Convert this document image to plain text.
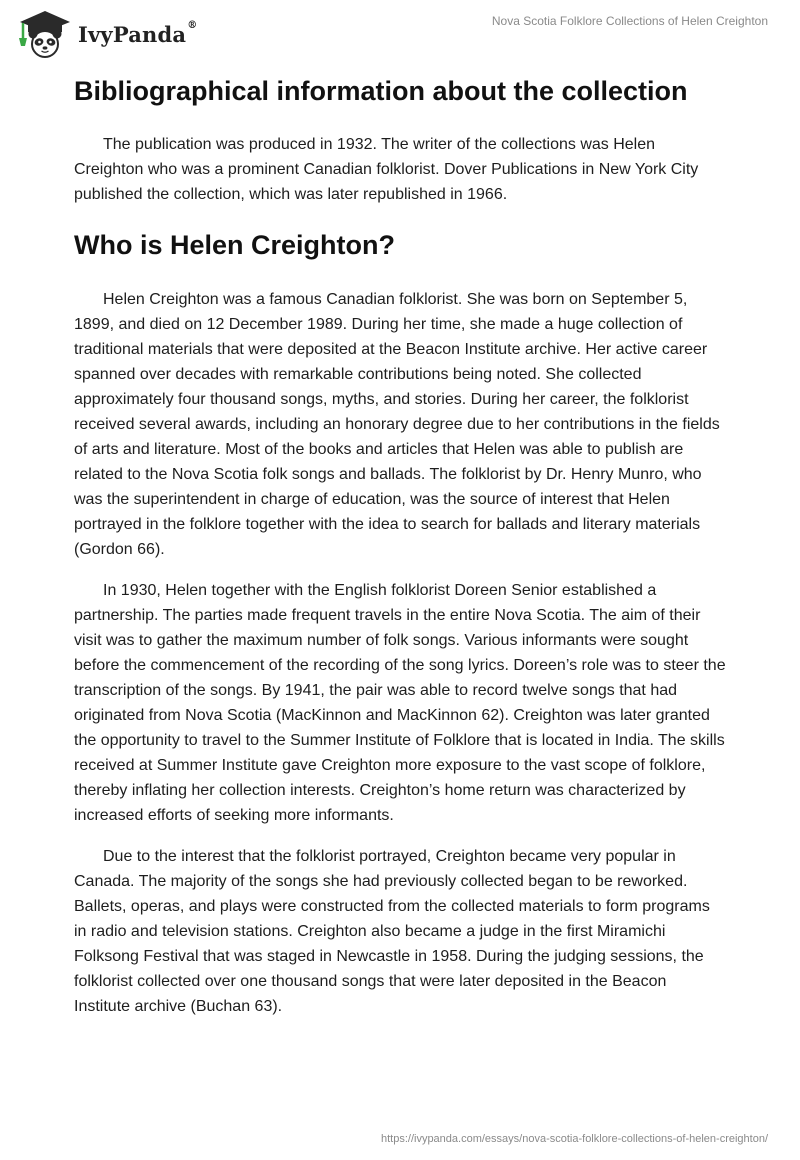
IvyPanda®	Nova Scotia Folklore Collections of Helen Creighton
Bibliographical information about the collection

The publication was produced in 1932. The writer of the collections was Helen Creighton who was a prominent Canadian folklorist. Dover Publications in New York City published the collection, which was later republished in 1966.

Who is Helen Creighton?

Helen Creighton was a famous Canadian folklorist. She was born on September 5, 1899, and died on 12 December 1989. During her time, she made a huge collection of traditional materials that were deposited at the Beacon Institute archive. Her active career spanned over decades with remarkable contributions being noted. She collected approximately four thousand songs, myths, and stories. During her career, the folklorist received several awards, including an honorary degree due to her contributions in the fields of arts and literature. Most of the books and articles that Helen was able to publish are related to the Nova Scotia folk songs and ballads. The folklorist by Dr. Henry Munro, who was the superintendent in charge of education, was the source of interest that Helen portrayed in the folklore together with the idea to search for ballads and literary materials (Gordon 66).

In 1930, Helen together with the English folklorist Doreen Senior established a partnership. The parties made frequent travels in the entire Nova Scotia. The aim of their visit was to gather the maximum number of folk songs. Various informants were sought before the commencement of the recording of the song lyrics. Doreen’s role was to steer the transcription of the songs. By 1941, the pair was able to record twelve songs that had originated from Nova Scotia (MacKinnon and MacKinnon 62). Creighton was later granted the opportunity to travel to the Summer Institute of Folklore that is located in India. The skills received at Summer Institute gave Creighton more exposure to the vast scope of folklore, thereby inflating her collection interests. Creighton’s home return was characterized by increased efforts of seeking more informants.

Due to the interest that the folklorist portrayed, Creighton became very popular in Canada. The majority of the songs she had previously collected began to be reworked. Ballets, operas, and plays were constructed from the collected materials to form programs in radio and television stations. Creighton also became a judge in the first Miramichi Folksong Festival that was staged in Newcastle in 1958. During the judging sessions, the folklorist collected over one thousand songs that were later deposited in the Beacon Institute archive (Buchan 63).

https://ivypanda.com/essays/nova-scotia-folklore-collections-of-helen-creighton/
